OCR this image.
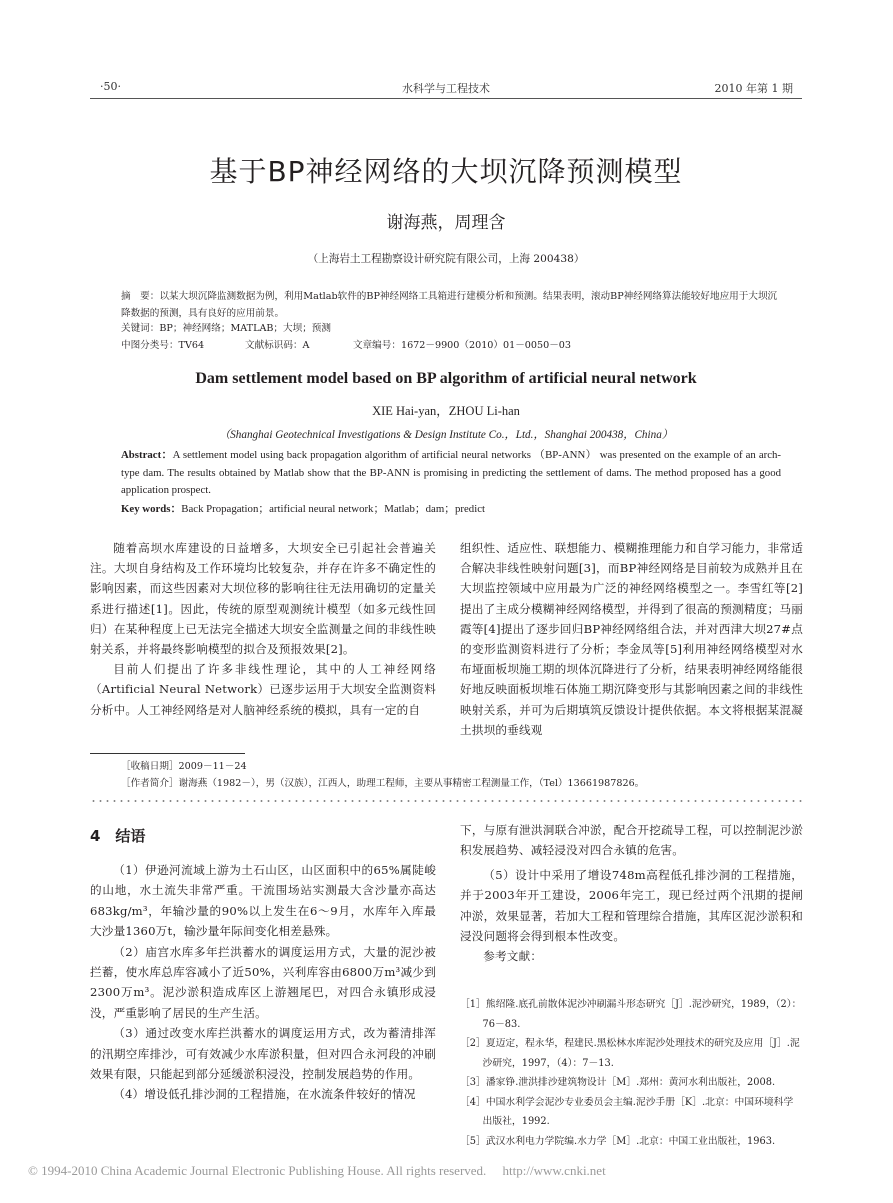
·50·	水科学与工程技术	2010 年第 1 期
基于BP神经网络的大坝沉降预测模型
谢海燕，周理含
（上海岩土工程勘察设计研究院有限公司，上海 200438）
摘　要：以某大坝沉降监测数据为例，利用Matlab软件的BP神经网络工具箱进行建模分析和预测。结果表明，滚动BP神经网络算法能较好地应用于大坝沉降数据的预测，具有良好的应用前景。
关键词：BP；神经网络；MATLAB；大坝；预测
中图分类号：TV64	文献标识码：A	文章编号：1672－9900（2010）01－0050－03
Dam settlement model based on BP algorithm of artificial neural network
XIE Hai-yan，ZHOU Li-han
（Shanghai Geotechnical Investigations & Design Institute Co.，Ltd.，Shanghai 200438，China）
Abstract：A settlement model using back propagation algorithm of artificial neural networks （BP-ANN） was presented on the example of an arch-type dam. The results obtained by Matlab show that the BP-ANN is promising in predicting the settlement of dams. The method proposed has a good application prospect.
Key words：Back Propagation；artificial neural network；Matlab；dam；predict

随着高坝水库建设的日益增多，大坝安全已引起社会普遍关注。大坝自身结构及工作环境均比较复杂，并存在许多不确定性的影响因素，而这些因素对大坝位移的影响往往无法用确切的定量关系进行描述[1]。因此，传统的原型观测统计模型（如多元线性回归）在某种程度上已无法完全描述大坝安全监测量之间的非线性映射关系，并将最终影响模型的拟合及预报效果[2]。

目前人们提出了许多非线性理论，其中的人工神经网络（Artificial Neural Network）已逐步运用于大坝安全监测资料分析中。人工神经网络是对人脑神经系统的模拟，具有一定的自

组织性、适应性、联想能力、模糊推理能力和自学习能力，非常适合解决非线性映射问题[3]，而BP神经网络是目前较为成熟并且在大坝监控领域中应用最为广泛的神经网络模型之一。李雪红等[2]提出了主成分模糊神经网络模型，并得到了很高的预测精度；马丽霞等[4]提出了逐步回归BP神经网络组合法，并对西津大坝27#点的变形监测资料进行了分析；李金凤等[5]利用神经网络模型对水布垭面板坝施工期的坝体沉降进行了分析，结果表明神经网络能很好地反映面板坝堆石体施工期沉降变形与其影响因素之间的非线性映射关系，并可为后期填筑反馈设计提供依据。本文将根据某混凝土拱坝的垂线观

［收稿日期］2009－11－24
［作者简介］谢海燕（1982－），男（汉族），江西人，助理工程师，主要从事精密工程测量工作，（Tel）13661987826。
4　结语

（1）伊逊河流域上游为土石山区，山区面积中的65%属陡峻的山地，水土流失非常严重。干流围场站实测最大含沙量亦高达683kg/m³，年输沙量的90%以上发生在6～9月，水库年入库最大沙量1360万t，输沙量年际间变化相差悬殊。

（2）庙宫水库多年拦洪蓄水的调度运用方式，大量的泥沙被拦蓄，使水库总库容减小了近50%，兴利库容由6800万m³减少到2300万m³。泥沙淤积造成库区上游翘尾巴，对四合永镇形成浸没，严重影响了居民的生产生活。

（3）通过改变水库拦洪蓄水的调度运用方式，改为蓄清排浑的汛期空库排沙，可有效减少水库淤积量，但对四合永河段的冲刷效果有限，只能起到部分延缓淤积浸没，控制发展趋势的作用。

（4）增设低孔排沙洞的工程措施，在水流条件较好的情况

下，与原有泄洪洞联合冲淤，配合开挖疏导工程，可以控制泥沙淤积发展趋势、减轻浸没对四合永镇的危害。

（5）设计中采用了增设748m高程低孔排沙洞的工程措施，并于2003年开工建设，2006年完工，现已经过两个汛期的提闸冲淤，效果显著，若加大工程和管理综合措施，其库区泥沙淤积和浸没问题将会得到根本性改变。

参考文献：

［1］熊绍隆.底孔前散体泥沙冲刷漏斗形态研究［J］.泥沙研究，1989，（2）：76－83.
［2］夏迈定，程永华，程建民.黑松林水库泥沙处理技术的研究及应用［J］.泥沙研究，1997，（4）：7－13.
［3］潘家铮.泄洪排沙建筑物设计［M］.郑州：黄河水利出版社，2008.
［4］中国水利学会泥沙专业委员会主编.泥沙手册［K］.北京：中国环境科学出版社，1992.
［5］武汉水利电力学院编.水力学［M］.北京：中国工业出版社，1963.
© 1994-2010 China Academic Journal Electronic Publishing House. All rights reserved.　 http://www.cnki.net
